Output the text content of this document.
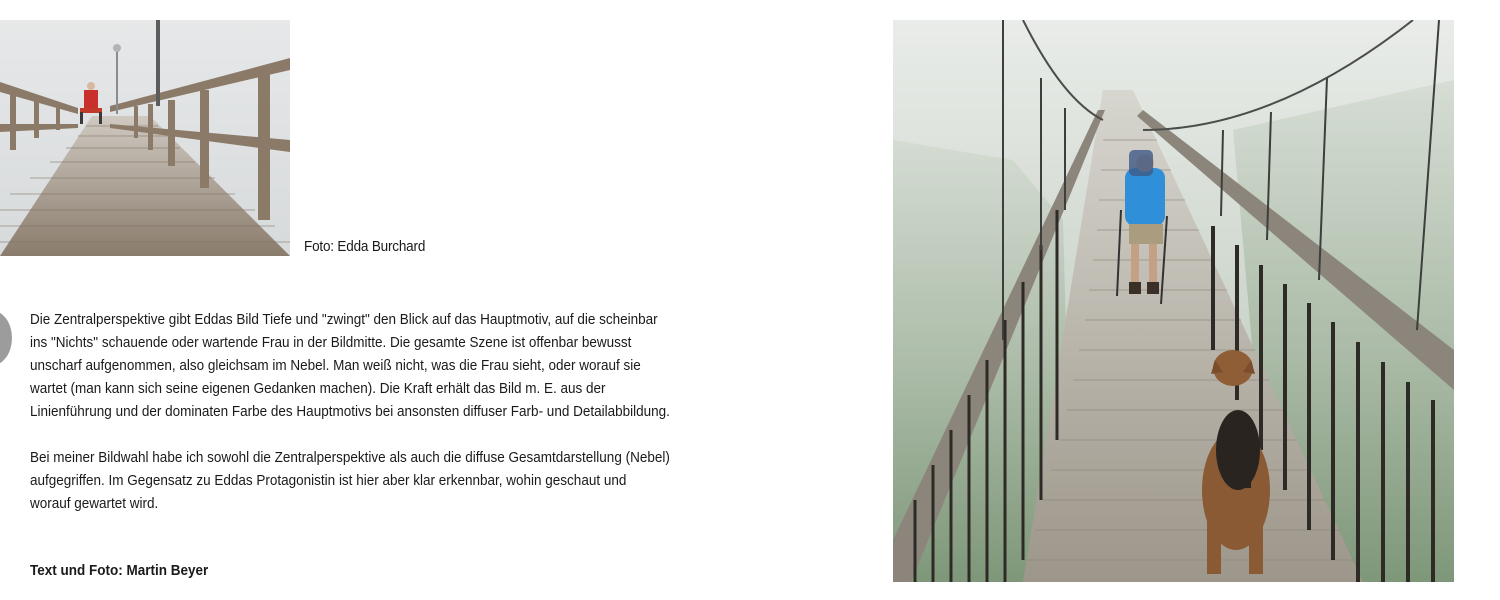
Foto: Edda Burchard

Die Zentralperspektive gibt Eddas Bild Tiefe und "zwingt" den Blick auf das Hauptmotiv, auf die scheinbar

ins "Nichts" schauende oder wartende Frau in der Bildmitte. Die gesamte Szene ist offenbar bewusst

unscharf aufgenommen, also gleichsam im Nebel. Man weiß nicht, was die Frau sieht, oder worauf sie

wartet (man kann sich seine eigenen Gedanken machen). Die Kraft erhält das Bild m. E. aus der

Linienführung und der dominaten Farbe des Hauptmotivs bei ansonsten diffuser Farb- und Detailabbildung.

Bei meiner Bildwahl habe ich sowohl die Zentralperspektive als auch die diffuse Gesamtdarstellung (Nebel)

aufgegriffen. Im Gegensatz zu Eddas Protagonistin ist hier aber klar erkennbar, wohin geschaut und

worauf gewartet wird.

Text und Foto: Martin Beyer
